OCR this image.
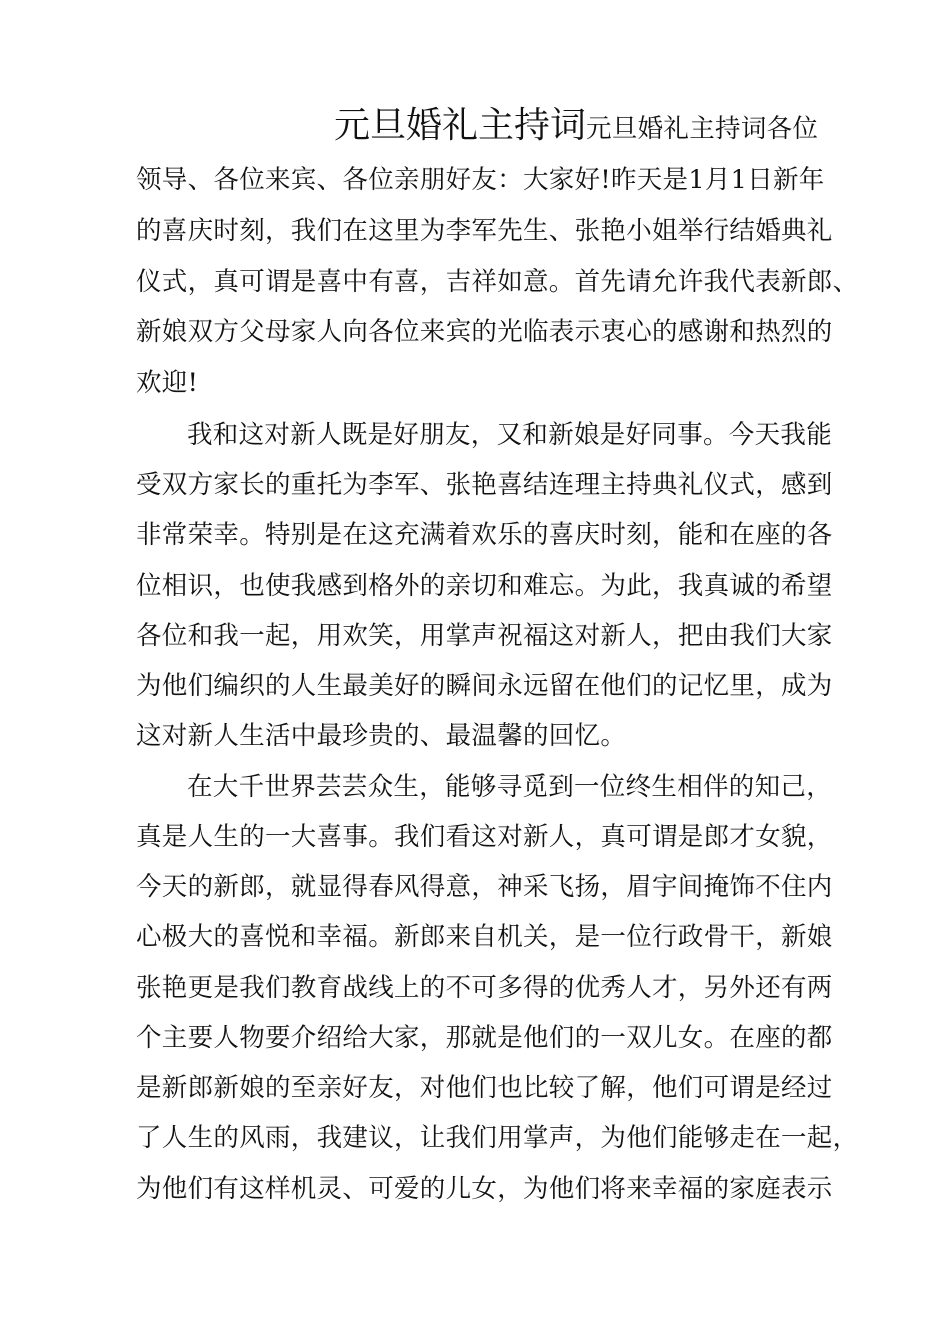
元旦婚礼主持词元旦婚礼主持词各位
领导、各位来宾、各位亲朋好友：大家好!昨天是1月1日新年
的喜庆时刻，我们在这里为李军先生、张艳小姐举行结婚典礼
仪式，真可谓是喜中有喜，吉祥如意。首先请允许我代表新郎、
新娘双方父母家人向各位来宾的光临表示衷心的感谢和热烈的
欢迎!
我和这对新人既是好朋友，又和新娘是好同事。今天我能
受双方家长的重托为李军、张艳喜结连理主持典礼仪式，感到
非常荣幸。特别是在这充满着欢乐的喜庆时刻，能和在座的各
位相识，也使我感到格外的亲切和难忘。为此，我真诚的希望
各位和我一起，用欢笑，用掌声祝福这对新人，把由我们大家
为他们编织的人生最美好的瞬间永远留在他们的记忆里，成为
这对新人生活中最珍贵的、最温馨的回忆。
在大千世界芸芸众生，能够寻觅到一位终生相伴的知己，
真是人生的一大喜事。我们看这对新人，真可谓是郎才女貌，
今天的新郎，就显得春风得意，神采飞扬，眉宇间掩饰不住内
心极大的喜悦和幸福。新郎来自机关，是一位行政骨干，新娘
张艳更是我们教育战线上的不可多得的优秀人才，另外还有两
个主要人物要介绍给大家，那就是他们的一双儿女。在座的都
是新郎新娘的至亲好友，对他们也比较了解，他们可谓是经过
了人生的风雨，我建议，让我们用掌声，为他们能够走在一起，
为他们有这样机灵、可爱的儿女，为他们将来幸福的家庭表示
